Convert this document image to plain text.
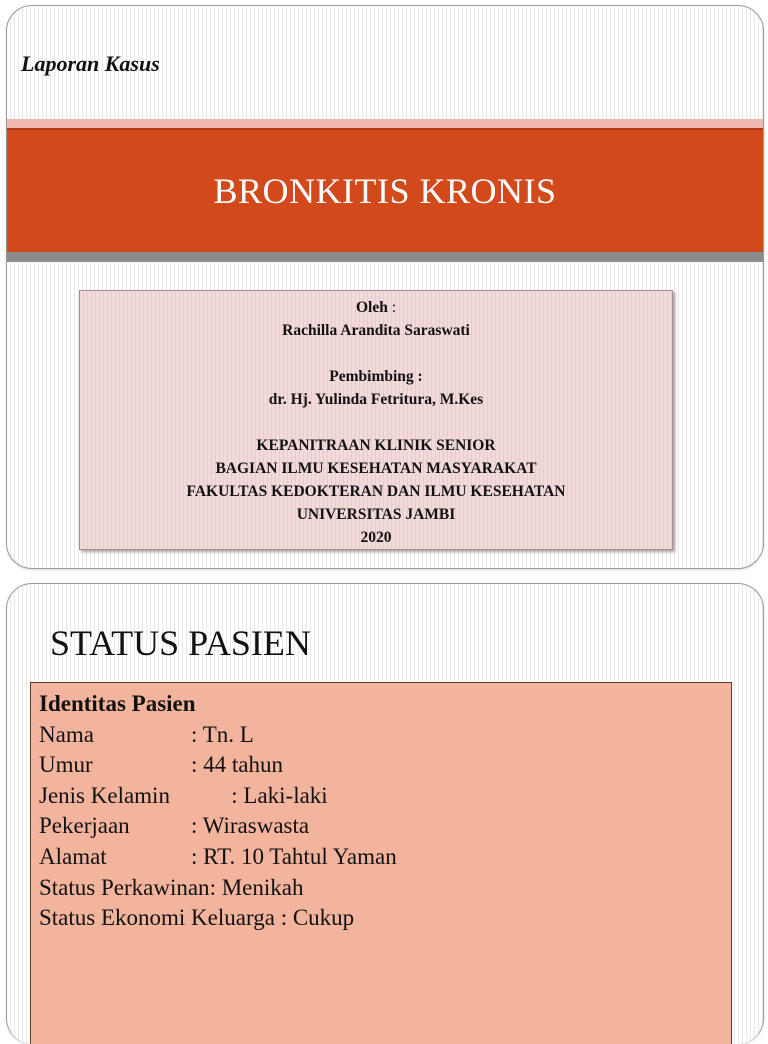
Laporan Kasus
BRONKITIS KRONIS
Oleh :
Rachilla Arandita Saraswati
Pembimbing :
dr. Hj. Yulinda Fetritura, M.Kes
KEPANITRAAN KLINIK SENIOR
BAGIAN ILMU KESEHATAN MASYARAKAT
FAKULTAS KEDOKTERAN DAN ILMU KESEHATAN
UNIVERSITAS JAMBI
2020
STATUS PASIEN
Identitas Pasien
Nama	: Tn. L
Umur	: 44 tahun
Jenis Kelamin : Laki-laki
Pekerjaan	: Wiraswasta
Alamat	: RT. 10 Tahtul Yaman
Status Perkawinan : Menikah
Status Ekonomi Keluarga : Cukup
